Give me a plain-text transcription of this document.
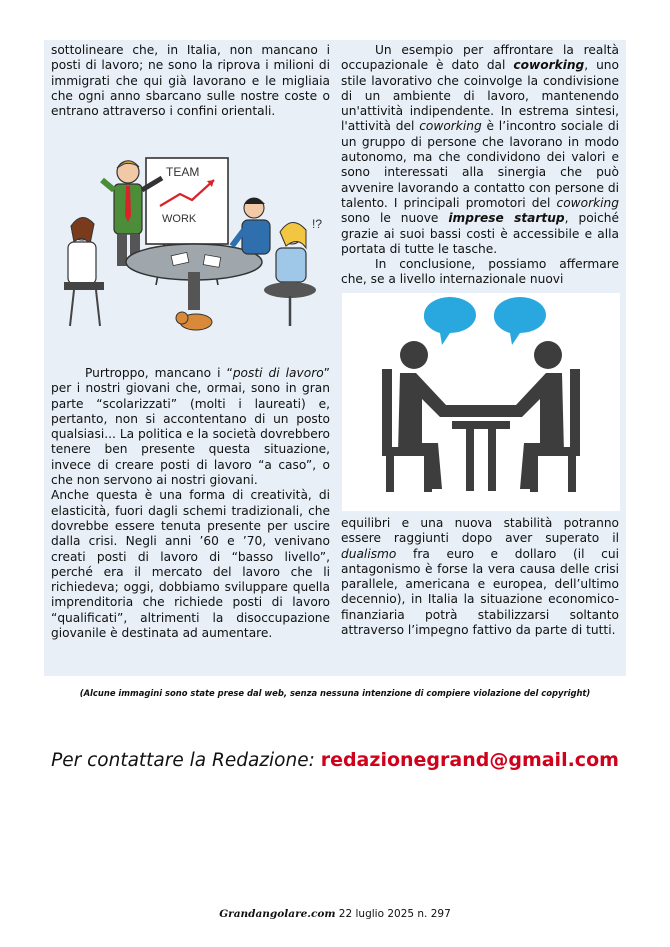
sottolineare che, in Italia, non mancano i posti di lavoro; ne sono la riprova i milioni di immigrati che qui già lavorano e le migliaia che ogni anno sbarcano sulle nostre coste o entrano attraverso i confini orientali.

TEAM
WORK	!?

Purtroppo, mancano i “posti di lavoro” per i nostri giovani che, ormai, sono in gran parte “scolarizzati” (molti i laureati) e, pertanto, non si accontentano di un posto qualsiasi... La politica e la società dovrebbero tenere ben presente questa situazione, invece di creare posti di lavoro “a caso”, o che non servono ai nostri giovani.

Anche questa è una forma di creatività, di elasticità, fuori dagli schemi tradizionali, che dovrebbe essere tenuta presente per uscire dalla crisi. Negli anni ’60 e ’70, venivano creati posti di lavoro di “basso livello”, perché era il mercato del lavoro che li richiedeva; oggi, dobbiamo sviluppare quella imprenditoria che richiede posti di lavoro “qualificati”, altrimenti la disoccupazione giovanile è destinata ad aumentare.

Un esempio per affrontare la realtà occupazionale è dato dal coworking, uno stile lavorativo che coinvolge la condivisione di un ambiente di lavoro, mantenendo un'attività indipendente. In estrema sintesi, l'attività del coworking è l’incontro sociale di un gruppo di persone che lavorano in modo autonomo, ma che condividono dei valori e sono interessati alla sinergia che può avvenire lavorando a contatto con persone di talento. I principali promotori del coworking sono le nuove imprese startup, poiché grazie ai suoi bassi costi è accessibile e alla portata di tutte le tasche.

In conclusione, possiamo affermare che, se a livello internazionale nuovi

equilibri e una nuova stabilità potranno essere raggiunti dopo aver superato il dualismo fra euro e dollaro (il cui antagonismo è forse la vera causa delle crisi parallele, americana e europea, dell’ultimo decennio), in Italia la situazione economico-finanziaria potrà stabilizzarsi soltanto attraverso l’impegno fattivo da parte di tutti.

(Alcune immagini sono state prese dal web, senza nessuna intenzione di compiere violazione del copyright)
Per contattare la Redazione: redazionegrand@gmail.com
Grandangolare.com 22 luglio 2025 n. 297
